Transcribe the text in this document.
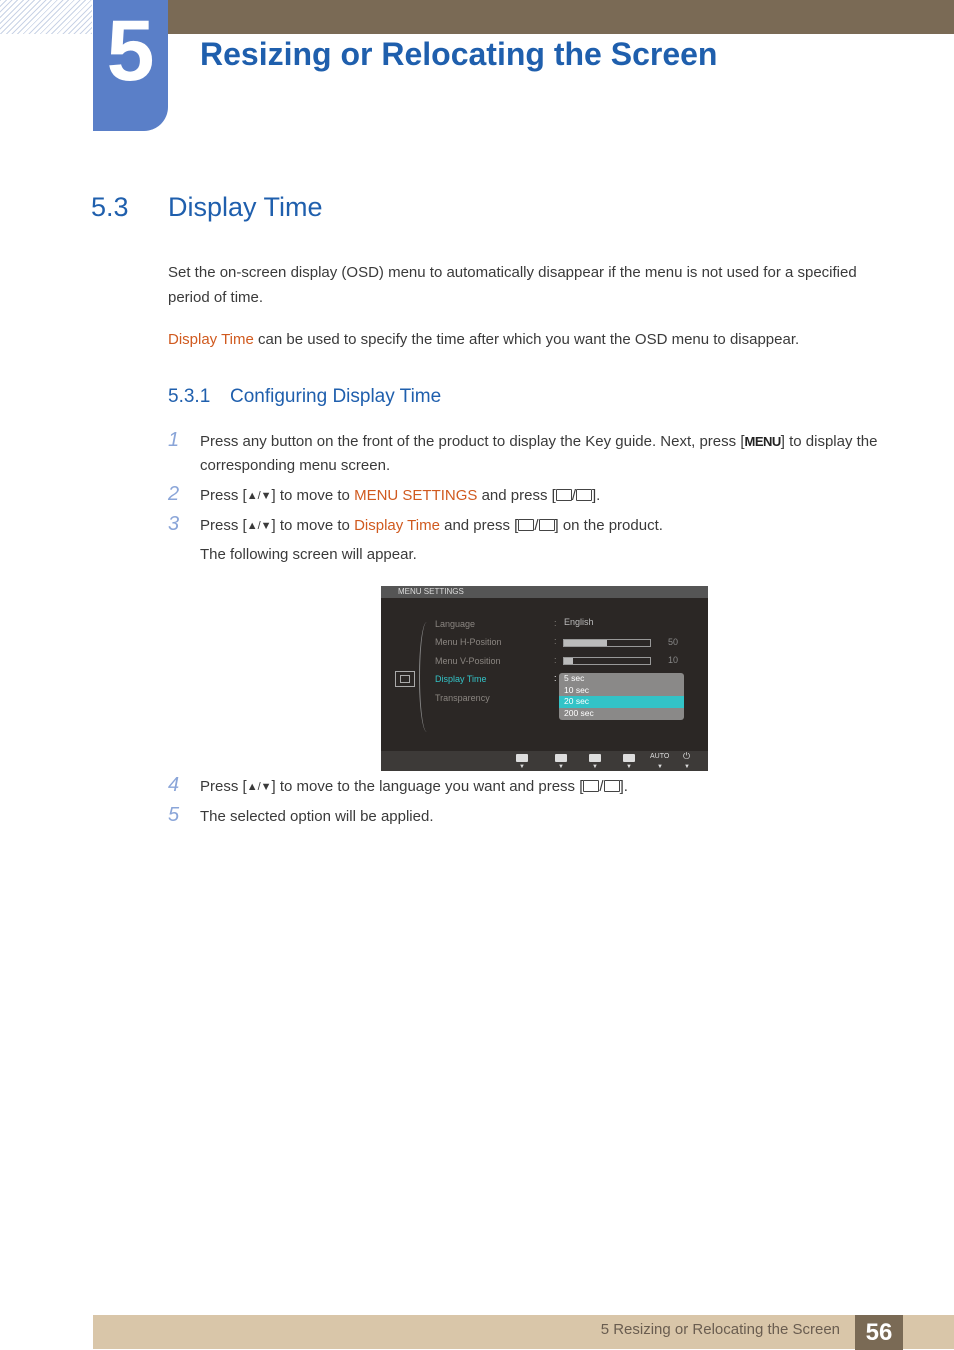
5	Resizing or Relocating the Screen
5.3 Display Time
Set the on-screen display (OSD) menu to automatically disappear if the menu is not used for a specified period of time.
Display Time can be used to specify the time after which you want the OSD menu to disappear.
5.3.1 Configuring Display Time
1 Press any button on the front of the product to display the Key guide. Next, press [MENU] to display the corresponding menu screen.
2 Press [▲/▼] to move to MENU SETTINGS and press [ / ].
3 Press [▲/▼] to move to Display Time and press [ / ] on the product.
The following screen will appear.
MENU SETTINGS
Language	: English
Menu H-Position	:	50
Menu V-Position	:	10
Display Time	:
Transparency
5 sec
10 sec
20 sec
200 sec
▼	▼	▼	▼
AUTO
▼
⏻
▼
4 Press [▲/▼] to move to the language you want and press [ / ].
5 The selected option will be applied.
5 Resizing or Relocating the Screen	56
